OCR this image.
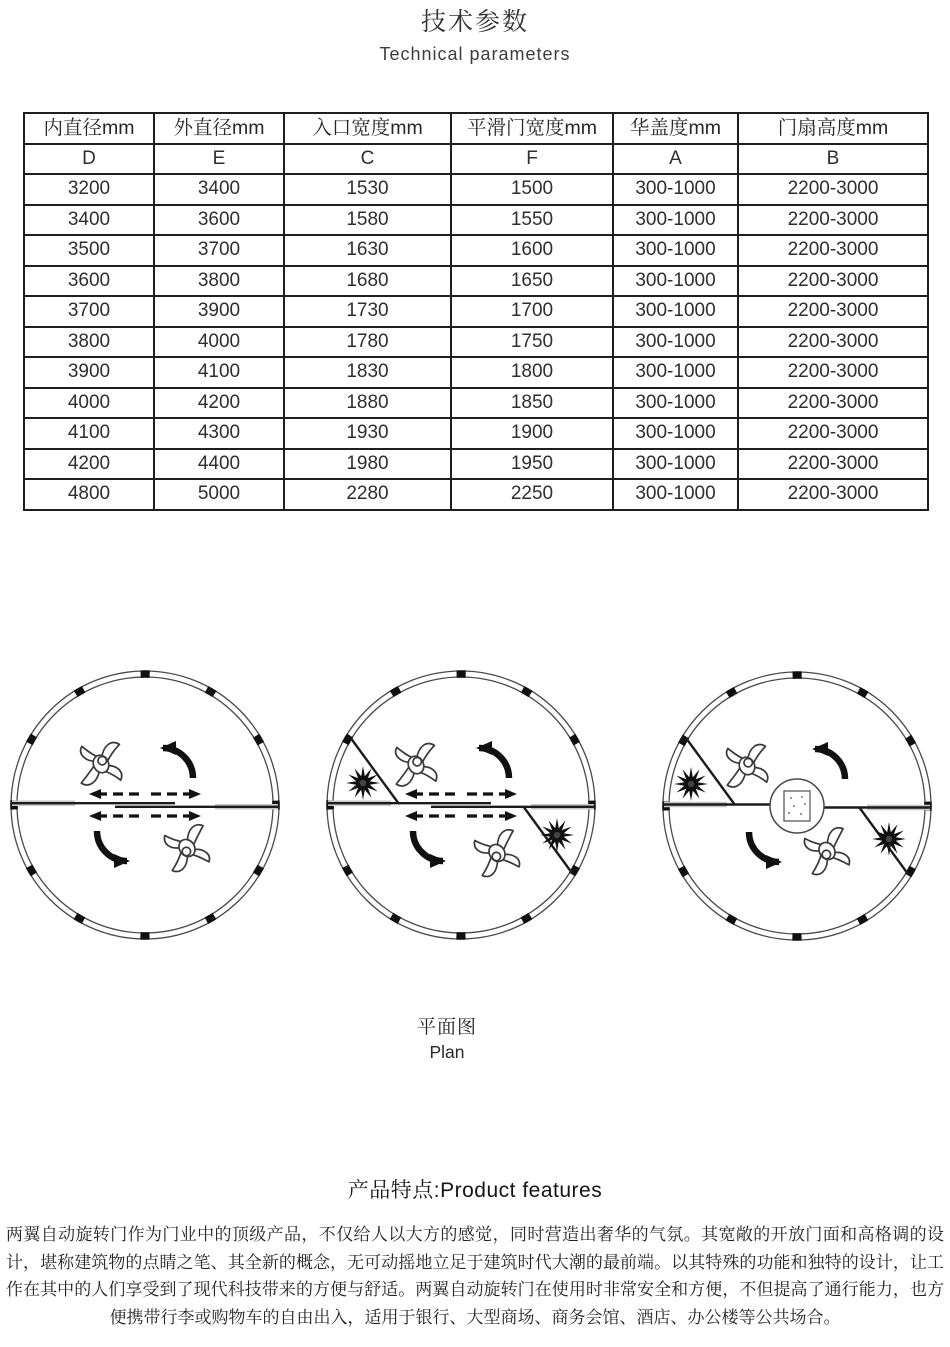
技术参数
Technical parameters
内直径mm	外直径mm	入口宽度mm	平滑门宽度mm	华盖度mm	门扇高度mm
D	E	C	F	A	B
3200	3400	1530	1500	300-1000	2200-3000
3400	3600	1580	1550	300-1000	2200-3000
3500	3700	1630	1600	300-1000	2200-3000
3600	3800	1680	1650	300-1000	2200-3000
3700	3900	1730	1700	300-1000	2200-3000
3800	4000	1780	1750	300-1000	2200-3000
3900	4100	1830	1800	300-1000	2200-3000
4000	4200	1880	1850	300-1000	2200-3000
4100	4300	1930	1900	300-1000	2200-3000
4200	4400	1980	1950	300-1000	2200-3000
4800	5000	2280	2250	300-1000	2200-3000
平面图
Plan
产品特点:Product features

两翼自动旋转门作为门业中的顶级产品，不仅给人以大方的感觉，同时营造出奢华的气氛。其宽敞的开放门面和高格调的设计，堪称建筑物的点睛之笔、其全新的概念，无可动摇地立足于建筑时代大潮的最前端。以其特殊的功能和独特的设计，让工作在其中的人们享受到了现代科技带来的方便与舒适。两翼自动旋转门在使用时非常安全和方便，不但提高了通行能力，也方便携带行李或购物车的自由出入，适用于银行、大型商场、商务会馆、酒店、办公楼等公共场合。
